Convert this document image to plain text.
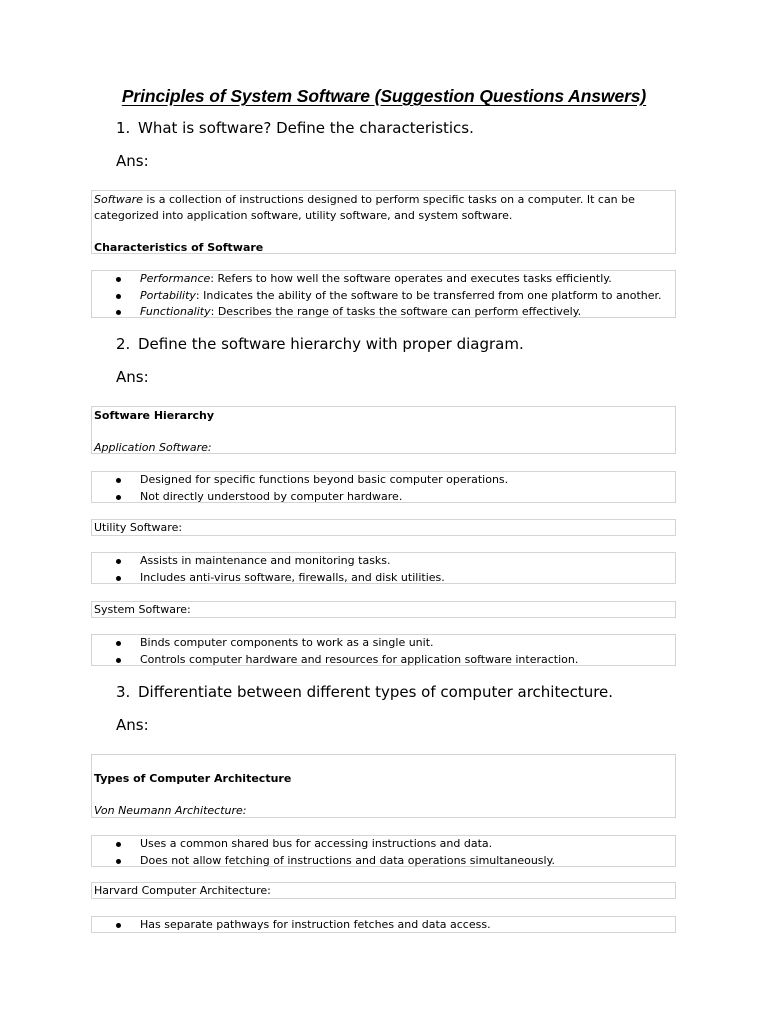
Principles of System Software (Suggestion Questions Answers)
1. What is software? Define the characteristics.
Ans:

Software is a collection of instructions designed to perform specific tasks on a computer. It can be

categorized into application software, utility software, and system software.

Characteristics of Software

Performance: Refers to how well the software operates and executes tasks efficiently.
Portability: Indicates the ability of the software to be transferred from one platform to another.
Functionality: Describes the range of tasks the software can perform effectively.
2. Define the software hierarchy with proper diagram.
Ans:

Software Hierarchy

Application Software:

Designed for specific functions beyond basic computer operations.
Not directly understood by computer hardware.
Utility Software:
Assists in maintenance and monitoring tasks.
Includes anti-virus software, firewalls, and disk utilities.
System Software:
Binds computer components to work as a single unit.
Controls computer hardware and resources for application software interaction.
3. Differentiate between different types of computer architecture.
Ans:

Types of Computer Architecture

Von Neumann Architecture:

Uses a common shared bus for accessing instructions and data.
Does not allow fetching of instructions and data operations simultaneously.
Harvard Computer Architecture:
Has separate pathways for instruction fetches and data access.
